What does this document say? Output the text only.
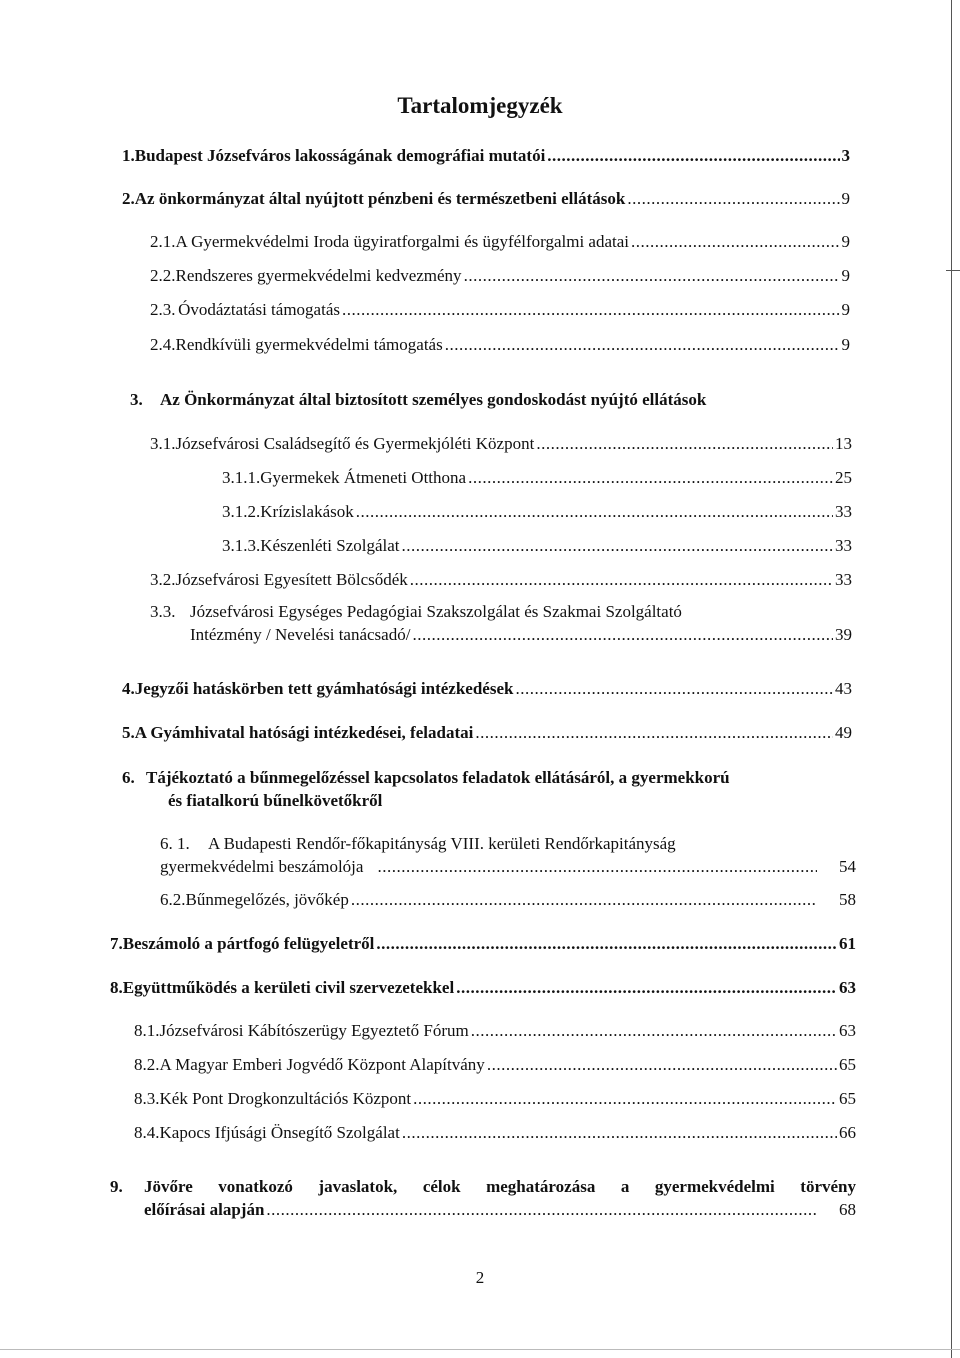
Tartalomjegyzék
1. Budapest Józsefváros lakosságának demográfiai mutatói .....	3
2. Az önkormányzat által nyújtott pénzbeni és természetbeni ellátások .....	9
2.1. A Gyermekvédelmi Iroda ügyiratforgalmi és ügyfélforgalmi adatai .....	9
2.2. Rendszeres gyermekvédelmi kedvezmény .....	9
2.3. Óvodáztatási támogatás .....	9
2.4. Rendkívüli gyermekvédelmi támogatás .....	9
3.	Az Önkormányzat által biztosított személyes gondoskodást nyújtó ellátások
3.1. Józsefvárosi Családsegítő és Gyermekjóléti Központ .....	13
3.1.1. Gyermekek Átmeneti Otthona .....	25
3.1.2. Krízislakások .....	33
3.1.3. Készenléti Szolgálat .....	33
3.2. Józsefvárosi Egyesített Bölcsődék .....	33
3.3. Józsefvárosi Egységes Pedagógiai Szakszolgálat és Szakmai Szolgáltató
Intézmény / Nevelési tanácsadó/ .....	39
4. Jegyzői hatáskörben tett gyámhatósági intézkedések .....	43
5. A Gyámhivatal hatósági intézkedései, feladatai .....	49
6. Tájékoztató a bűnmegelőzéssel kapcsolatos feladatok ellátásáról, a gyermekkorú
és fiatalkorú bűnelkövetőkről
6. 1. A Budapesti Rendőr-főkapitányság VIII. kerületi Rendőrkapitányság
gyermekvédelmi beszámolója .....	54
6.2. Bűnmegelőzés, jövőkép .....	58
7. Beszámoló a pártfogó felügyeletről .....	61
8. Együttműködés a kerületi civil szervezetekkel .....	63
8.1. Józsefvárosi Kábítószerügy Egyeztető Fórum .....	63
8.2. A Magyar Emberi Jogvédő Központ Alapítvány .....	65
8.3. Kék Pont Drogkonzultációs Központ .....	65
8.4. Kapocs Ifjúsági Önsegítő Szolgálat .....	66
9.	Jövőre vonatkozó javaslatok, célok meghatározása a gyermekvédelmi törvény
előírásai alapján .....	68
2
